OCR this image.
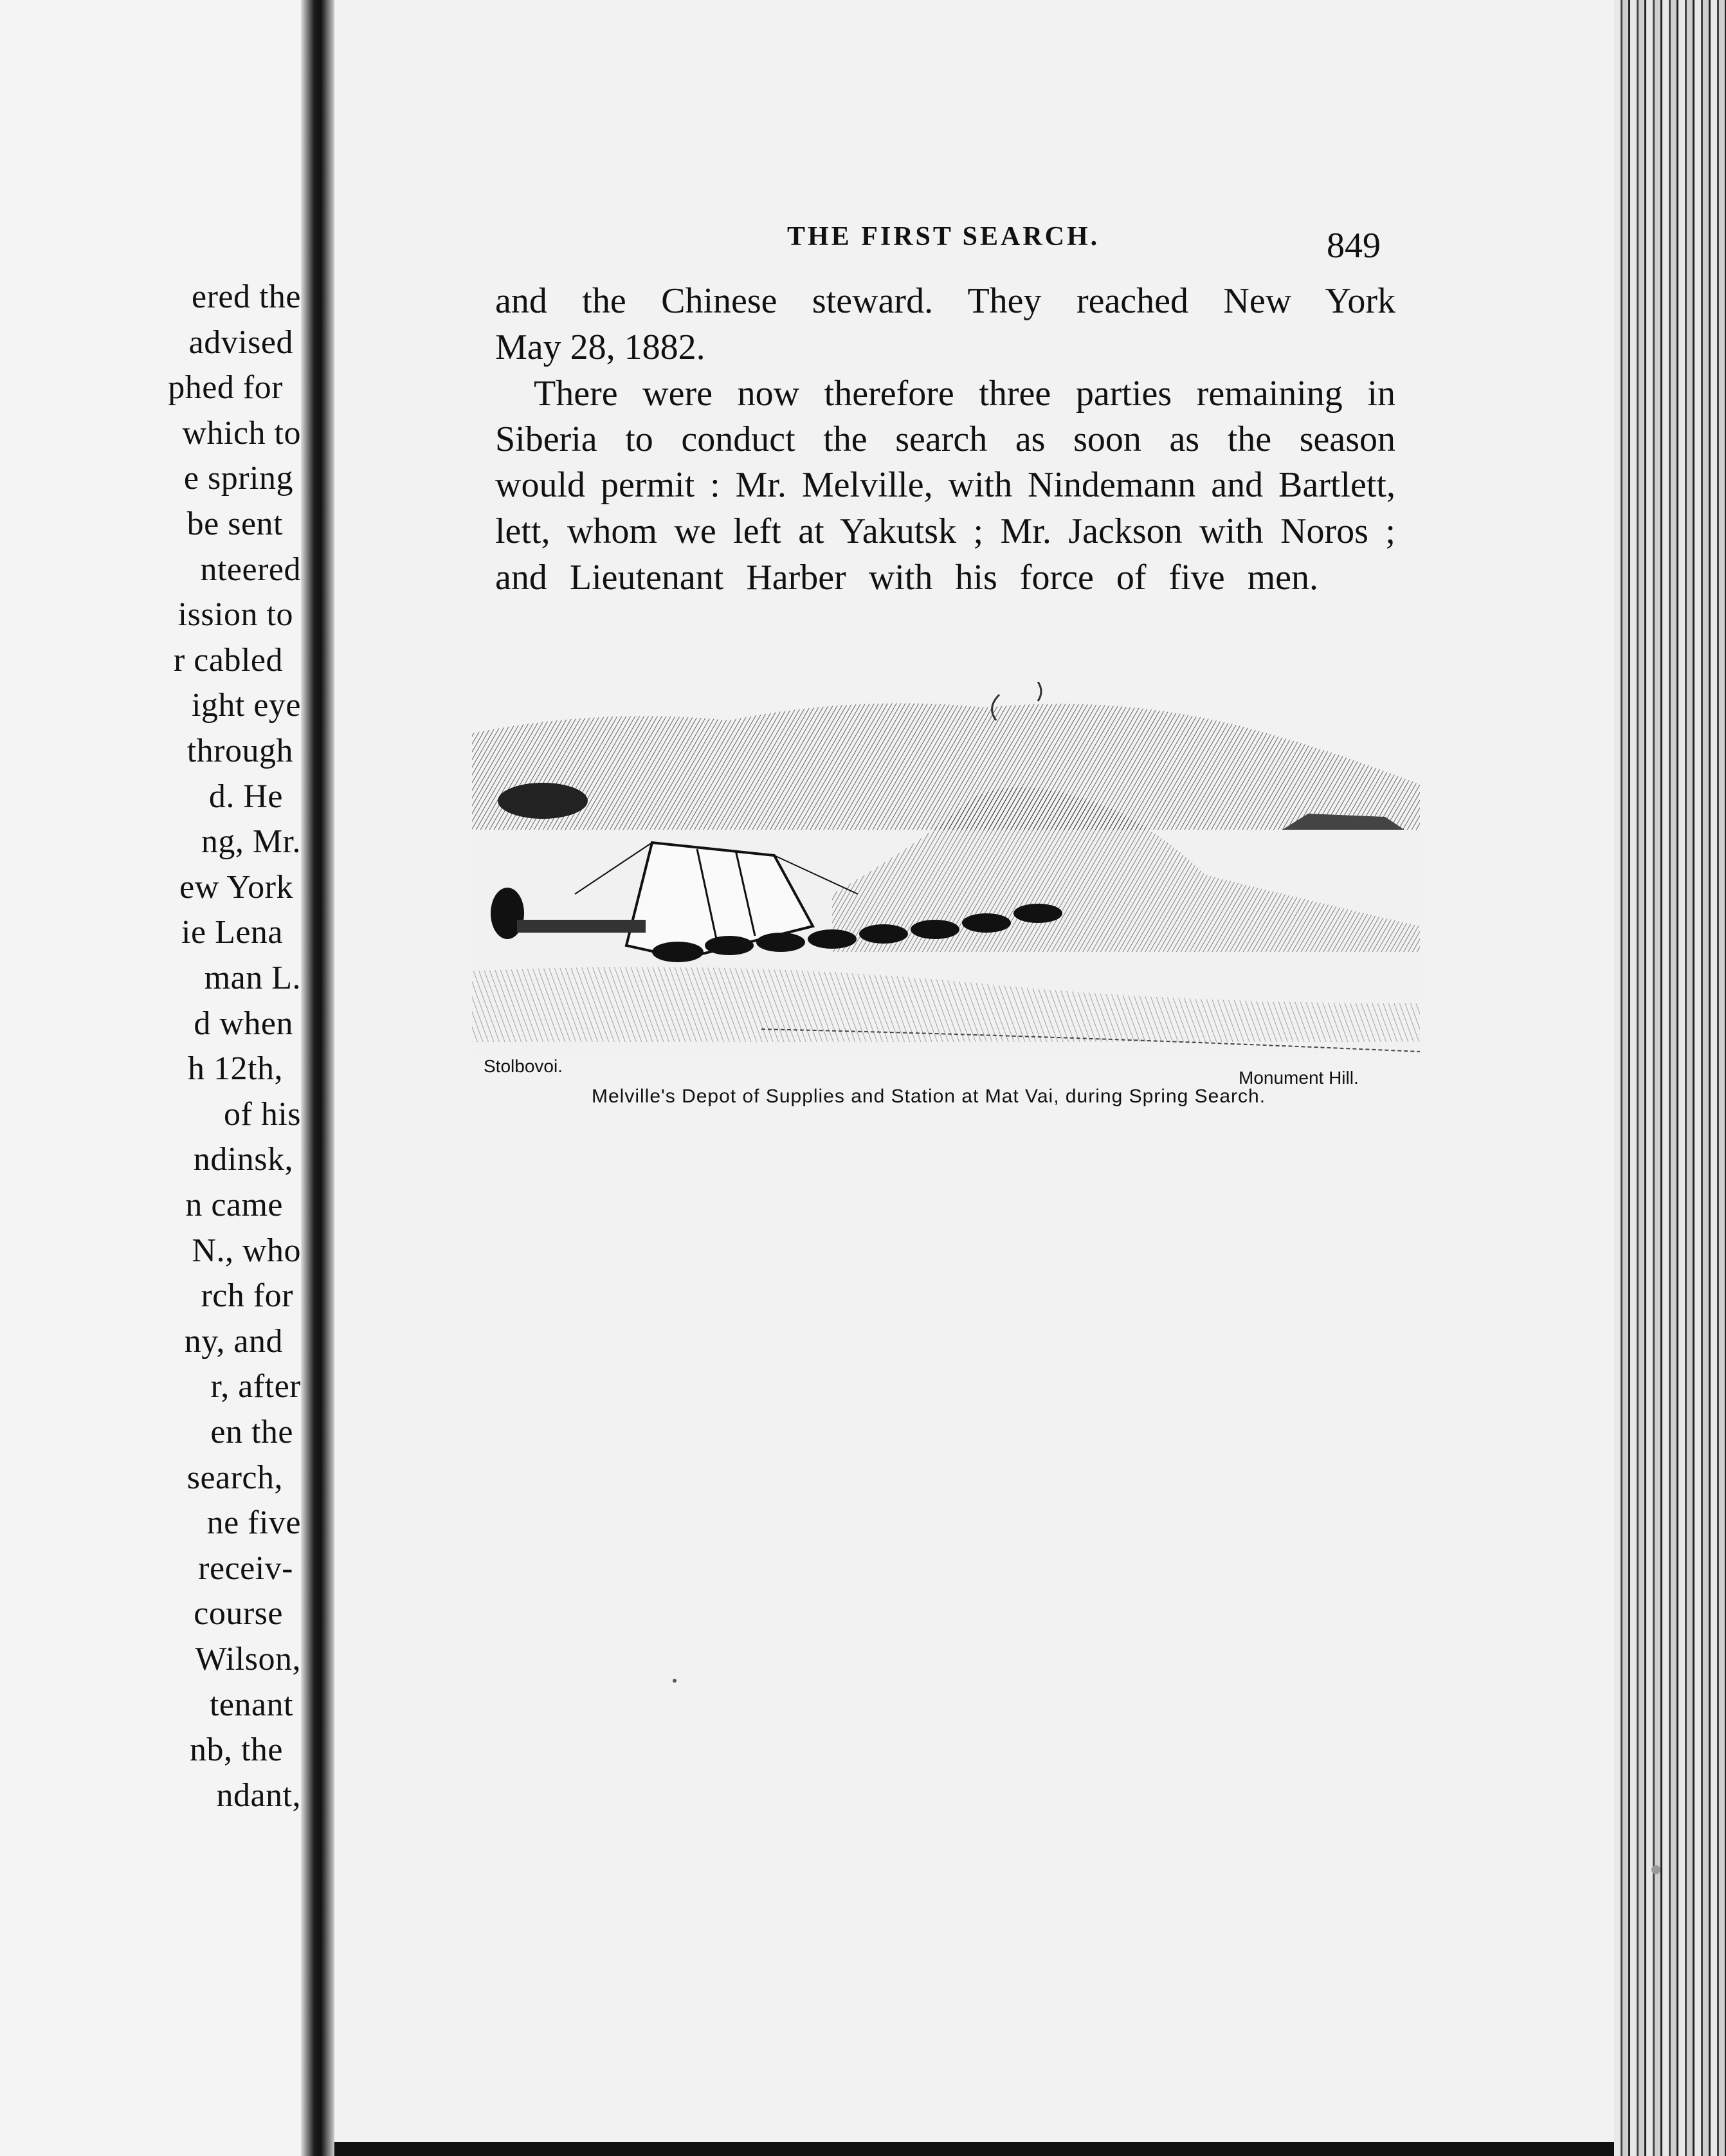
ered the
advised
phed for
which to
e spring
be sent
nteered
ission to
r cabled
ight eye
through
d. He
ng, Mr.
ew York
ie Lena
man L.
d when
h 12th,
of his
ndinsk,
n came
N., who
rch for
ny, and
r, after
en the
search,
ne five
receiv-
course
Wilson,
tenant
nb, the
ndant,
THE FIRST SEARCH.	849
and the Chinese steward. They reached New York
May 28, 1882.
There were now therefore three parties remaining in
Siberia to conduct the search as soon as the season
would permit : Mr. Melville, with Nindemann and Bartlett,
lett, whom we left at Yakutsk ; Mr. Jackson with Noros ;
and Lieutenant Harber with his force of five men.
Stolbovoi.
Monument Hill.
Melville's Depot of Supplies and Station at Mat Vai, during Spring Search.
